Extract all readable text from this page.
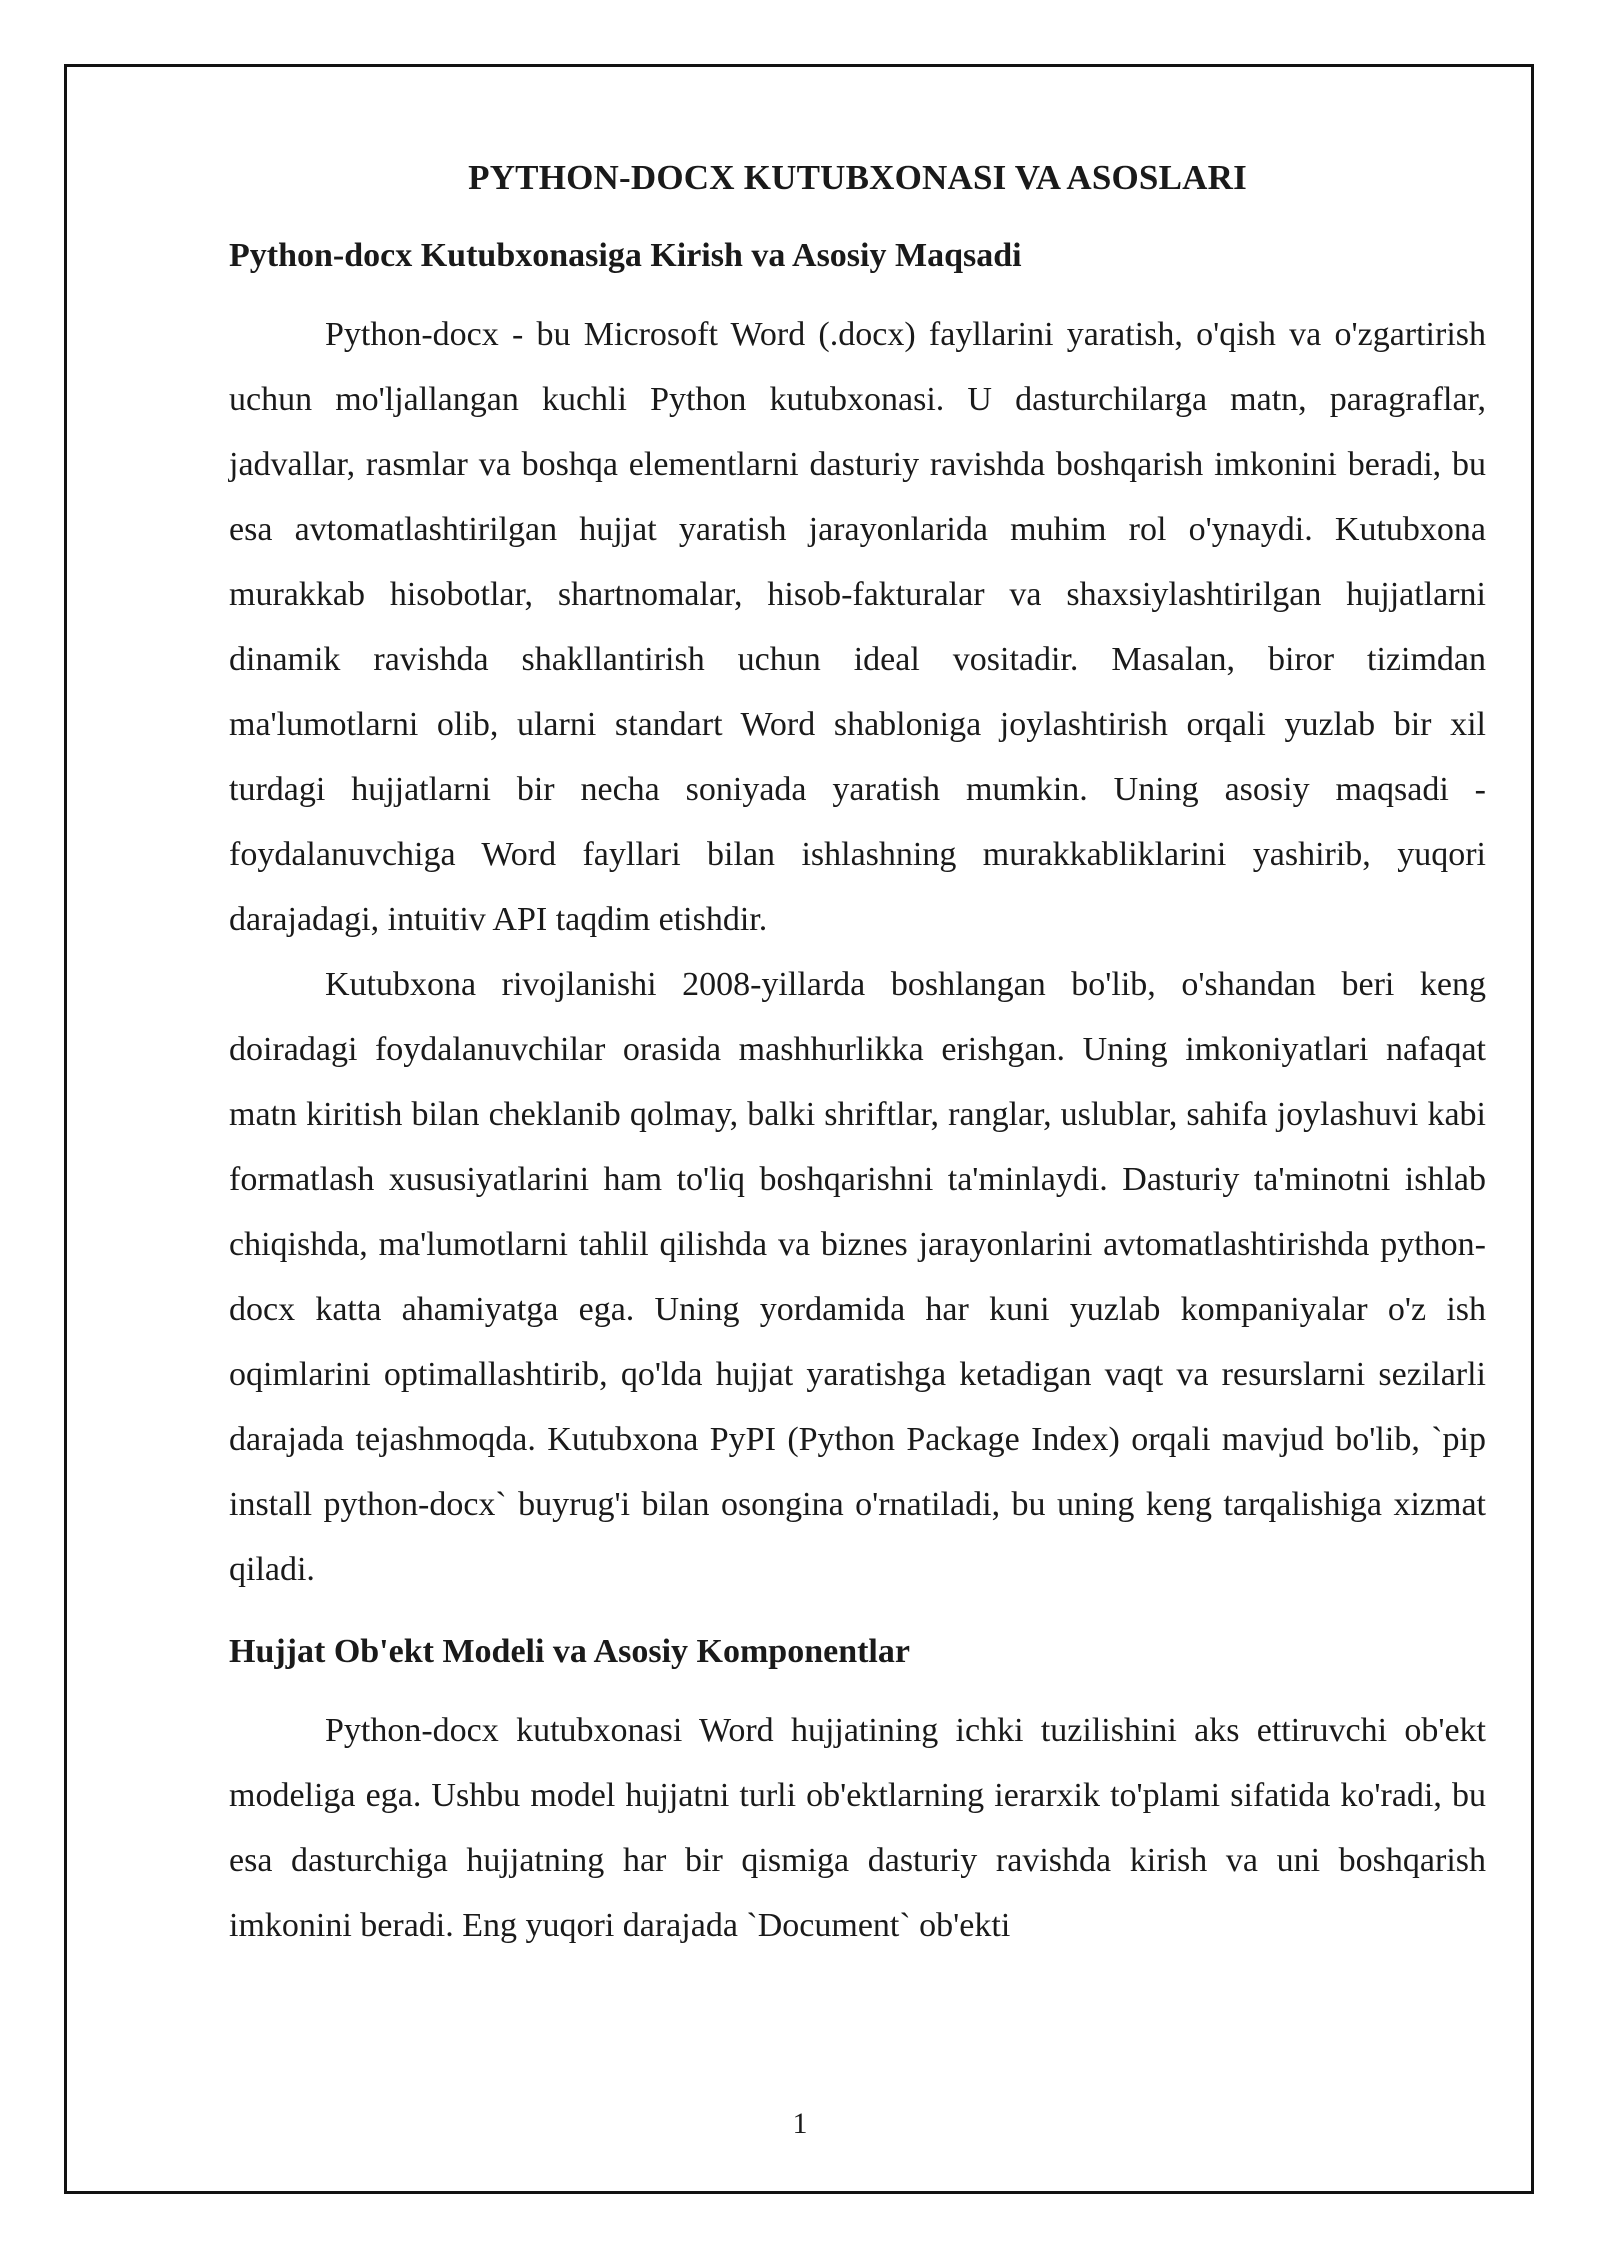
PYTHON-DOCX KUTUBXONASI VA ASOSLARI
Python-docx Kutubxonasiga Kirish va Asosiy Maqsadi

Python-docx - bu Microsoft Word (.docx) fayllarini yaratish, o'qish va o'zgartirish uchun mo'ljallangan kuchli Python kutubxonasi. U dasturchilarga matn, paragraflar, jadvallar, rasmlar va boshqa elementlarni dasturiy ravishda boshqarish imkonini beradi, bu esa avtomatlashtirilgan hujjat yaratish jarayonlarida muhim rol o'ynaydi. Kutubxona murakkab hisobotlar, shartnomalar, hisob-fakturalar va shaxsiylashtirilgan hujjatlarni dinamik ravishda shakllantirish uchun ideal vositadir. Masalan, biror tizimdan ma'lumotlarni olib, ularni standart Word shabloniga joylashtirish orqali yuzlab bir xil turdagi hujjatlarni bir necha soniyada yaratish mumkin. Uning asosiy maqsadi - foydalanuvchiga Word fayllari bilan ishlashning murakkabliklarini yashirib, yuqori darajadagi, intuitiv API taqdim etishdir.

Kutubxona rivojlanishi 2008-yillarda boshlangan bo'lib, o'shandan beri keng doiradagi foydalanuvchilar orasida mashhurlikka erishgan. Uning imkoniyatlari nafaqat matn kiritish bilan cheklanib qolmay, balki shriftlar, ranglar, uslublar, sahifa joylashuvi kabi formatlash xususiyatlarini ham to'liq boshqarishni ta'minlaydi. Dasturiy ta'minotni ishlab chiqishda, ma'lumotlarni tahlil qilishda va biznes jarayonlarini avtomatlashtirishda python-docx katta ahamiyatga ega. Uning yordamida har kuni yuzlab kompaniyalar o'z ish oqimlarini optimallashtirib, qo'lda hujjat yaratishga ketadigan vaqt va resurslarni sezilarli darajada tejashmoqda. Kutubxona PyPI (Python Package Index) orqali mavjud bo'lib, `pip install python-docx` buyrug'i bilan osongina o'rnatiladi, bu uning keng tarqalishiga xizmat qiladi.

Hujjat Ob'ekt Modeli va Asosiy Komponentlar

Python-docx kutubxonasi Word hujjatining ichki tuzilishini aks ettiruvchi ob'ekt modeliga ega. Ushbu model hujjatni turli ob'ektlarning ierarxik to'plami sifatida ko'radi, bu esa dasturchiga hujjatning har bir qismiga dasturiy ravishda kirish va uni boshqarish imkonini beradi. Eng yuqori darajada `Document` ob'ekti

1
